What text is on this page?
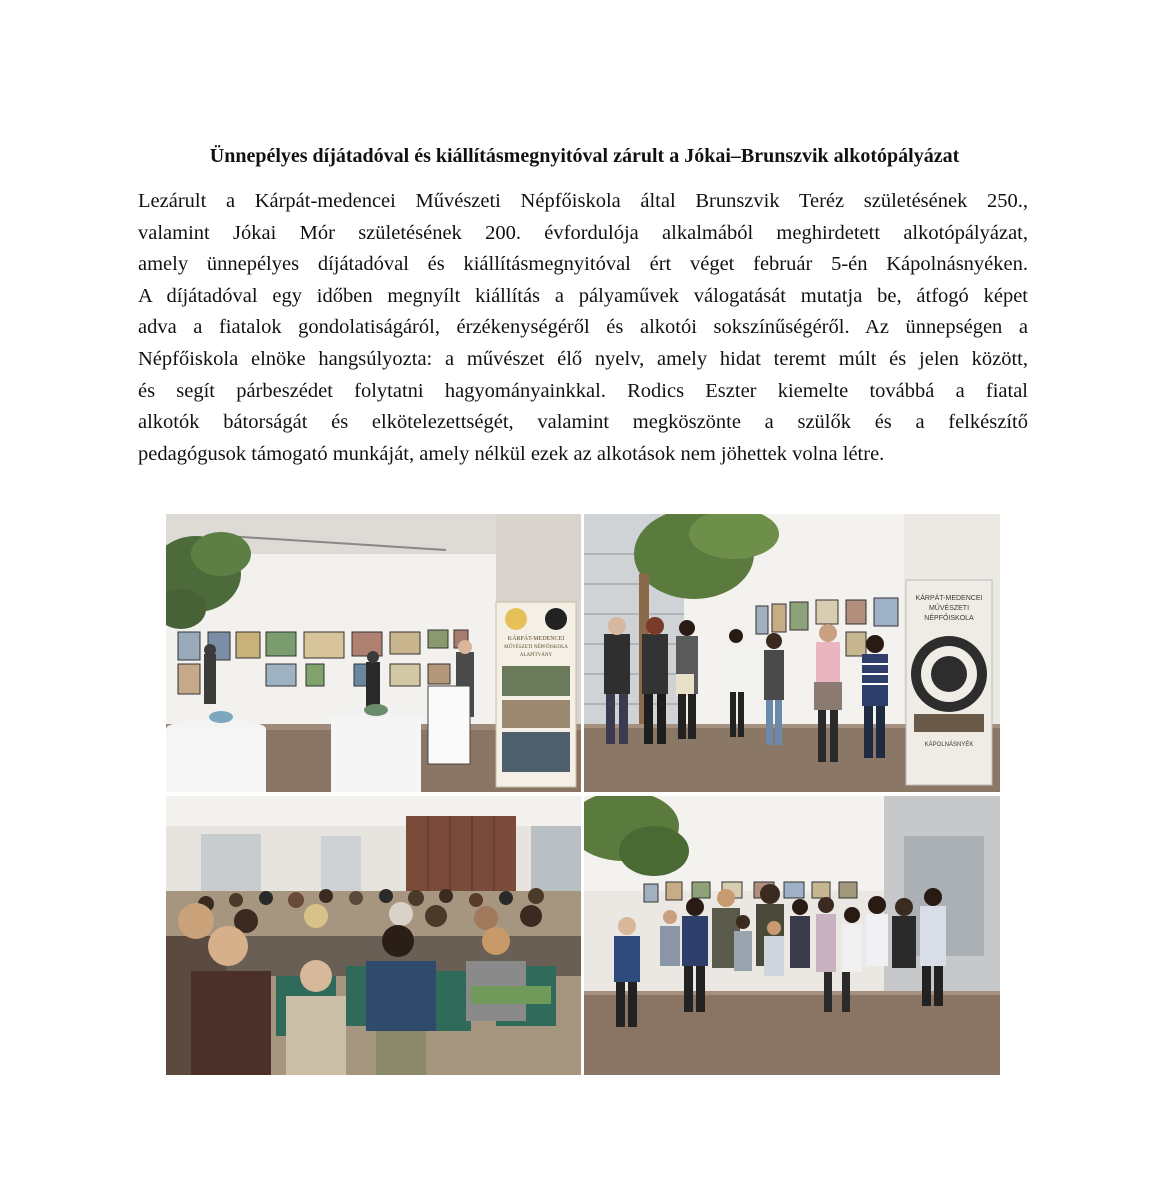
Ünnepélyes díjátadóval és kiállításmegnyitóval zárult a Jókai–Brunszvik alkotópályázat
Lezárult a Kárpát-medencei Művészeti Népfőiskola által Brunszvik Teréz születésének 250.,
valamint Jókai Mór születésének 200. évfordulója alkalmából meghirdetett alkotópályázat,
amely ünnepélyes díjátadóval és kiállításmegnyitóval ért véget február 5-én Kápolnásnyéken.
A díjátadóval egy időben megnyílt kiállítás a pályaművek válogatását mutatja be, átfogó képet
adva a fiatalok gondolatiságáról, érzékenységéről és alkotói sokszínűségéről. Az ünnepségen a
Népfőiskola elnöke hangsúlyozta: a művészet élő nyelv, amely hidat teremt múlt és jelen között,
és segít párbeszédet folytatni hagyományainkkal. Rodics Eszter kiemelte továbbá a fiatal
alkotók bátorságát és elkötelezettségét, valamint megköszönte a szülők és a felkészítő
pedagógusok támogató munkáját, amely nélkül ezek az alkotások nem jöhettek volna létre.
KÁRPÁT-MEDENCEI
MŰVÉSZETI NÉPFŐISKOLA
ALAPÍTVÁNY
KÁRPÁT-MEDENCEI
MŰVÉSZETI
NÉPFŐISKOLA
KÁPOLNÁSNYÉK
